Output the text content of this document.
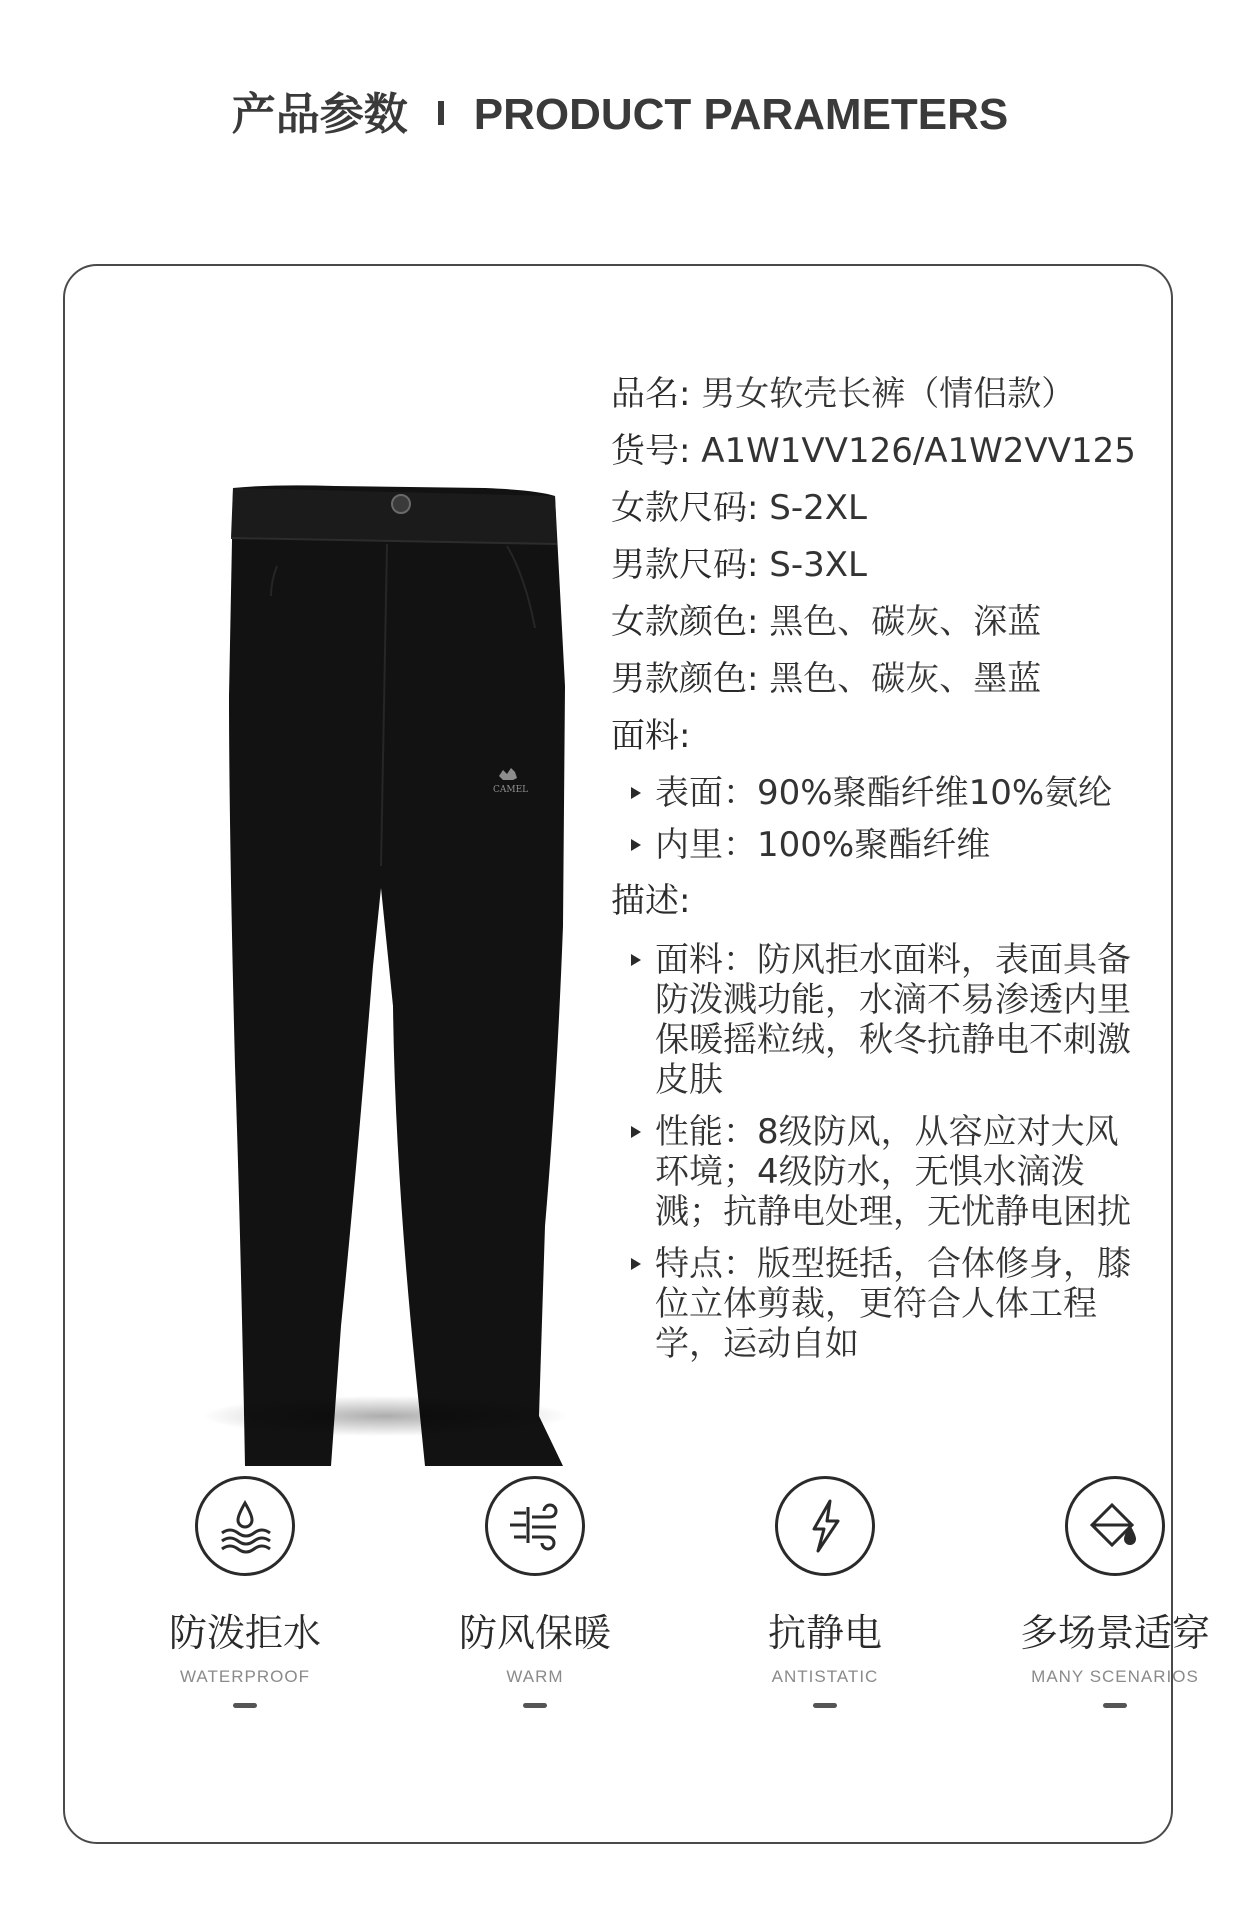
产品参数 PRODUCT PARAMETERS
CAMEL
品名: 男女软壳长裤（情侣款）
货号: A1W1VV126/A1W2VV125
女款尺码: S-2XL
男款尺码: S-3XL
女款颜色: 黑色、碳灰、深蓝
男款颜色: 黑色、碳灰、墨蓝
面料:
表面：90%聚酯纤维10%氨纶
内里：100%聚酯纤维
描述:
面料：防风拒水面料，表面具备防泼溅功能，水滴不易渗透内里保暖摇粒绒，秋冬抗静电不刺激皮肤
性能：8级防风，从容应对大风环境；4级防水，无惧水滴泼溅；抗静电处理，无忧静电困扰
特点：版型挺括，合体修身，膝位立体剪裁，更符合人体工程学，运动自如
防泼拒水
WATERPROOF
防风保暖
WARM
抗静电
ANTISTATIC
多场景适穿
MANY SCENARIOS
